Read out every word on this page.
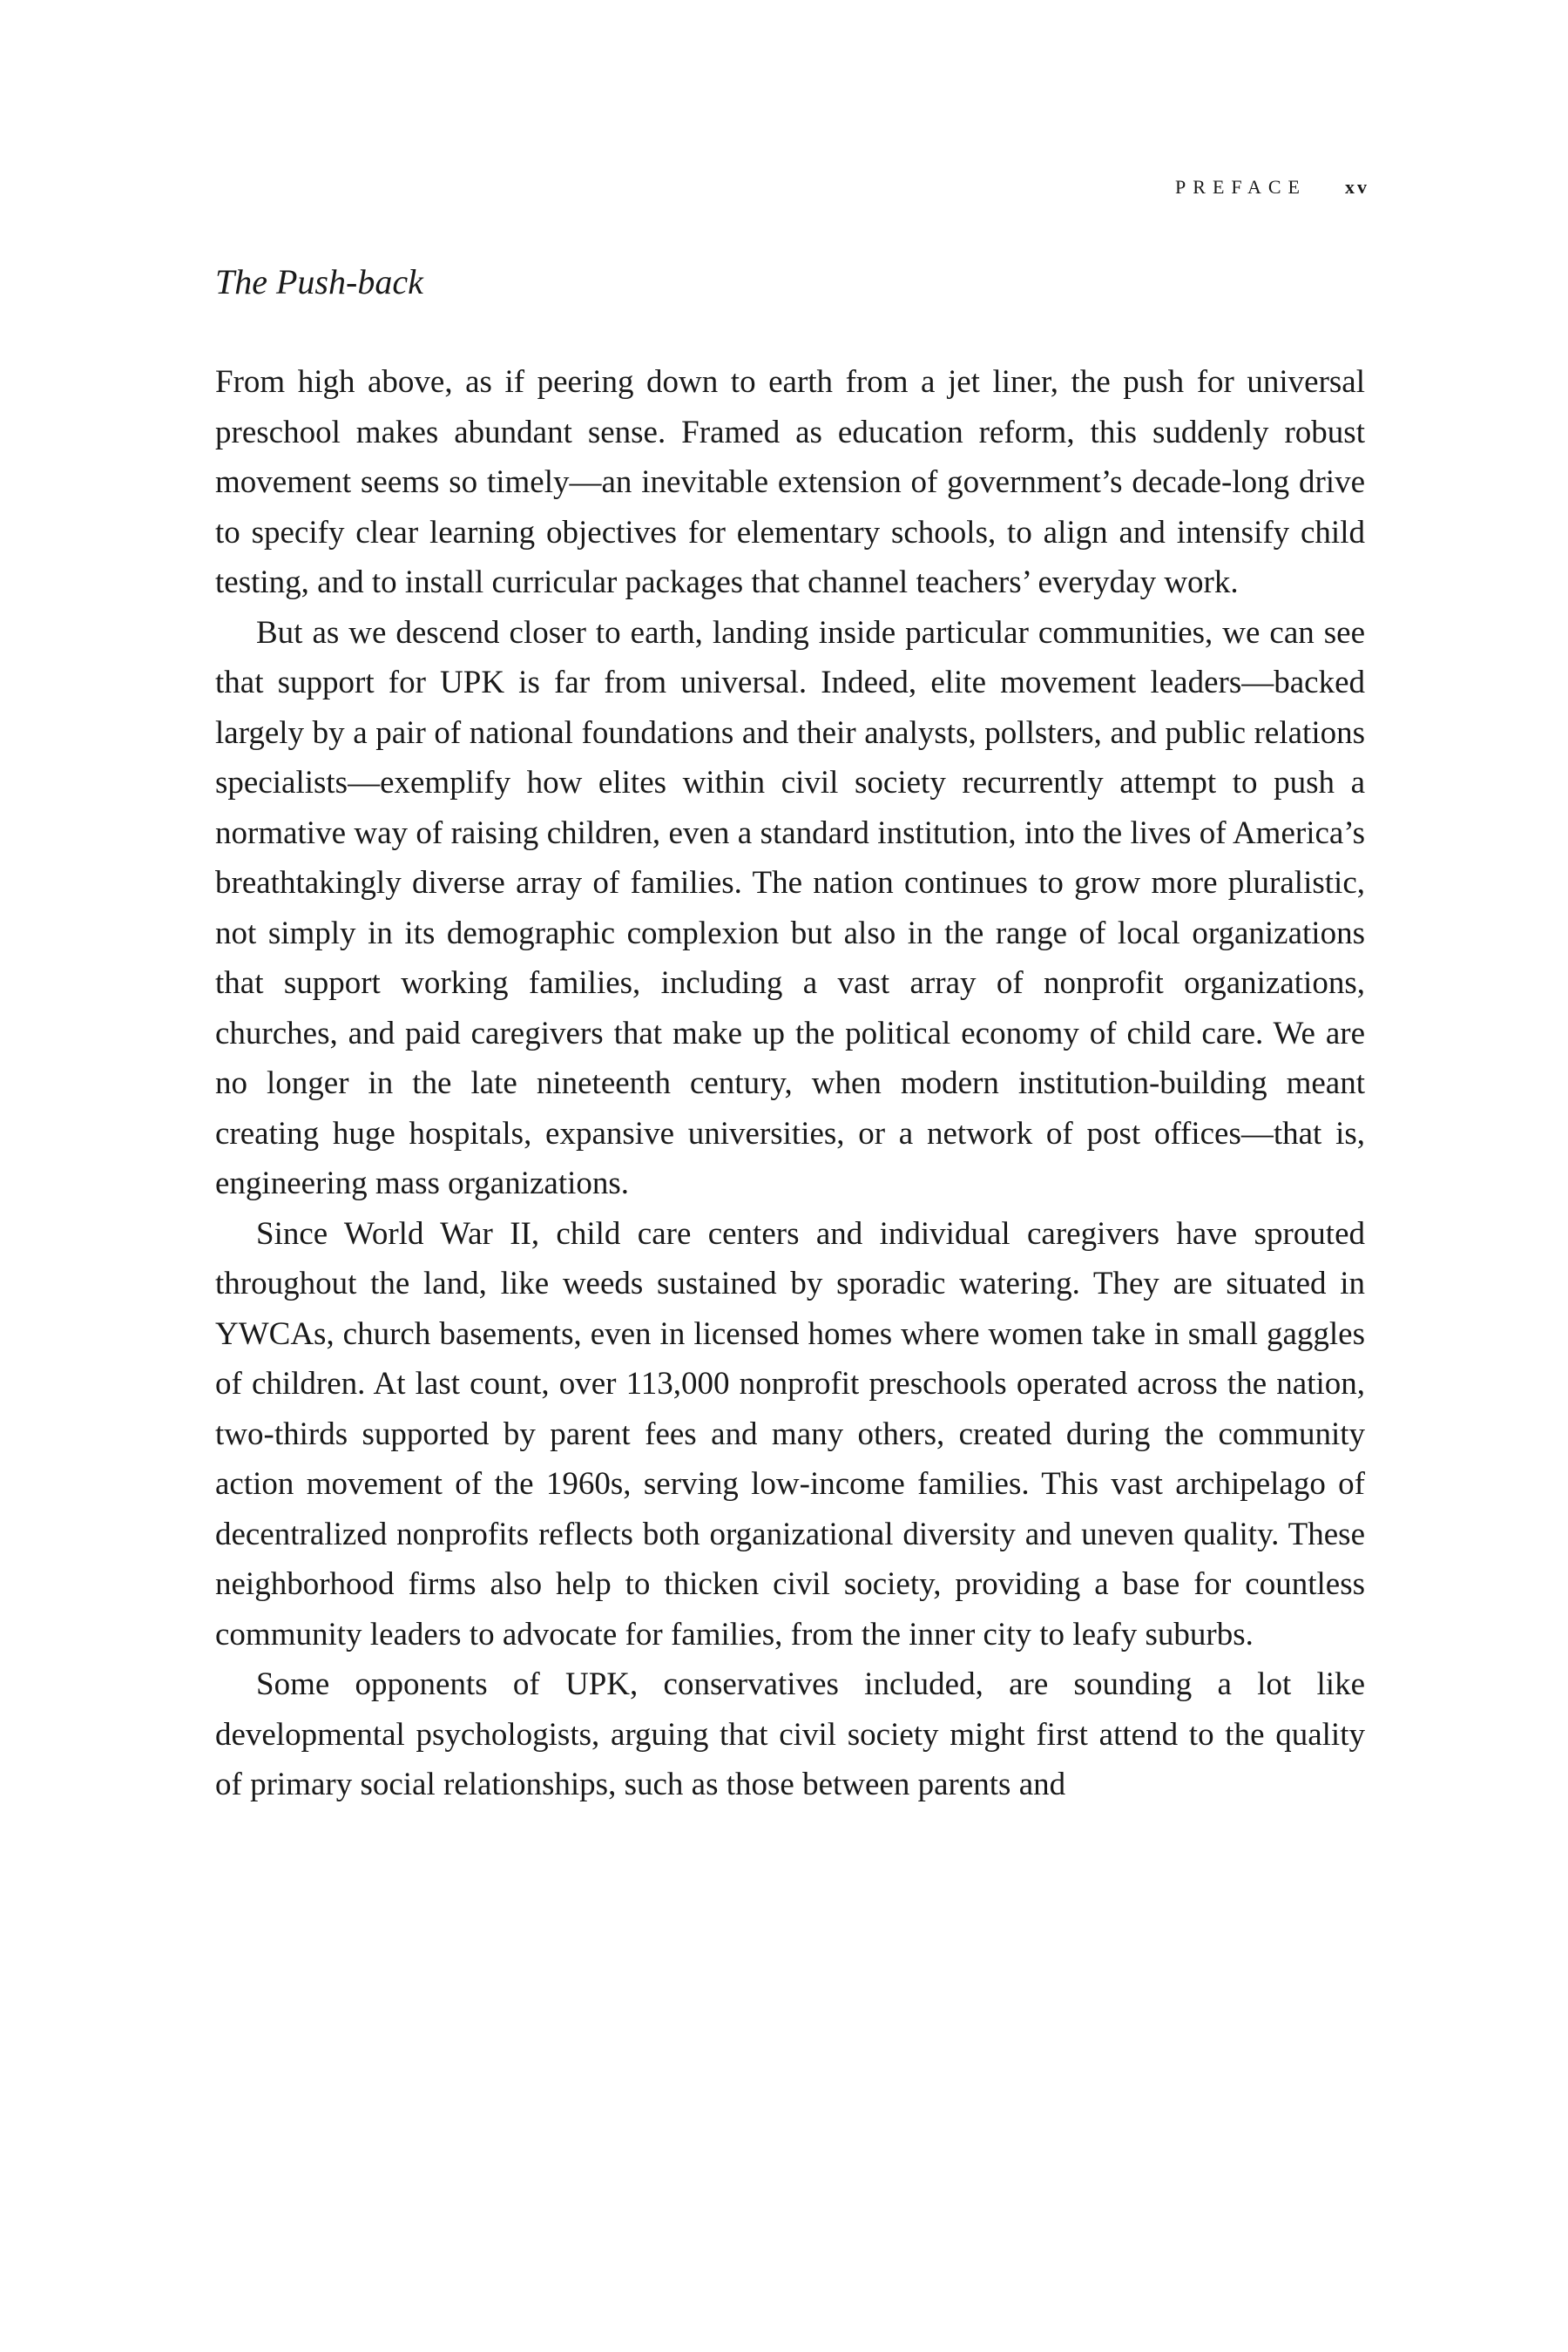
PREFACE xv
The Push-back

From high above, as if peering down to earth from a jet liner, the push for universal preschool makes abundant sense. Framed as education reform, this suddenly robust movement seems so timely—an inevitable extension of government’s decade-long drive to specify clear learning objectives for elementary schools, to align and intensify child testing, and to install curricular packages that channel teachers’ everyday work.

But as we descend closer to earth, landing inside particular communities, we can see that support for UPK is far from universal. Indeed, elite movement leaders—backed largely by a pair of national foundations and their analysts, pollsters, and public relations specialists—exemplify how elites within civil society recurrently attempt to push a normative way of raising children, even a standard institution, into the lives of America’s breathtakingly diverse array of families. The nation continues to grow more pluralistic, not simply in its demographic complexion but also in the range of local organizations that support working families, including a vast array of nonprofit organizations, churches, and paid caregivers that make up the political economy of child care. We are no longer in the late nineteenth century, when modern institution-building meant creating huge hospitals, expansive universities, or a network of post offices—that is, engineering mass organizations.

Since World War II, child care centers and individual caregivers have sprouted throughout the land, like weeds sustained by sporadic watering. They are situated in YWCAs, church basements, even in licensed homes where women take in small gaggles of children. At last count, over 113,000 nonprofit preschools operated across the nation, two-thirds supported by parent fees and many others, created during the community action movement of the 1960s, serving low-income families. This vast archipelago of decentralized nonprofits reflects both organizational diversity and uneven quality. These neighborhood firms also help to thicken civil society, providing a base for countless community leaders to advocate for families, from the inner city to leafy suburbs.

Some opponents of UPK, conservatives included, are sounding a lot like developmental psychologists, arguing that civil society might first attend to the quality of primary social relationships, such as those between parents and
